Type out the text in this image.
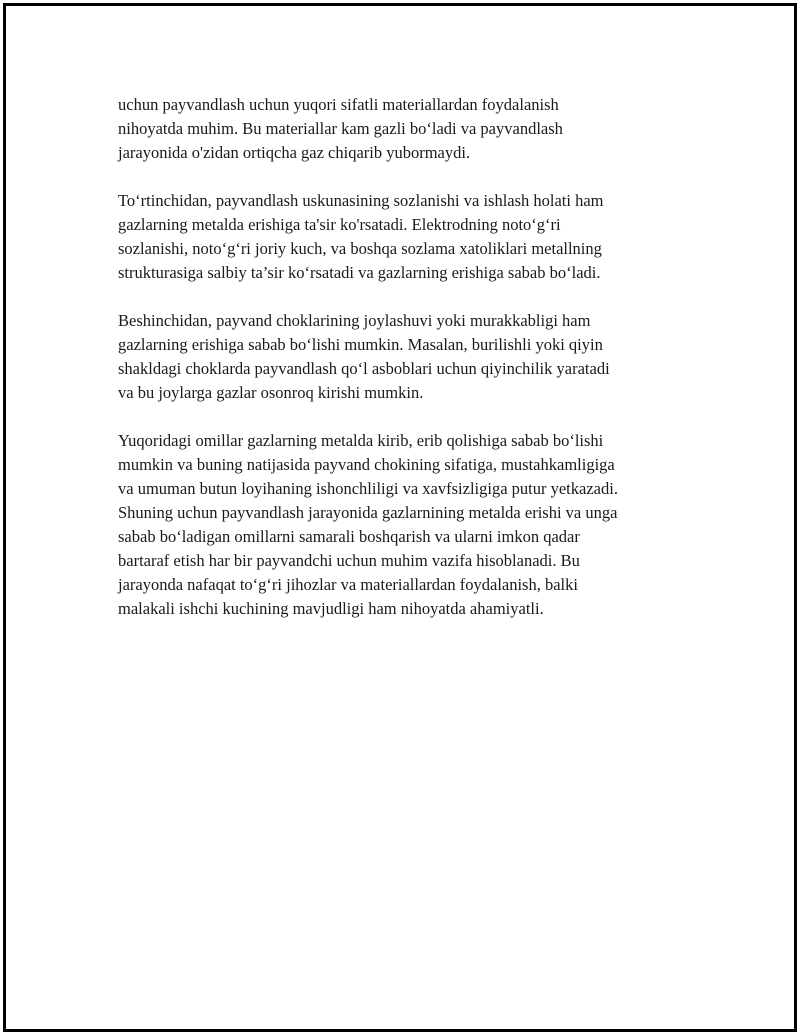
uchun payvandlash uchun yuqori sifatli materiallardan foydalanish
nihoyatda muhim. Bu materiallar kam gazli bo‘ladi va payvandlash
jarayonida o'zidan ortiqcha gaz chiqarib yubormaydi.

To‘rtinchidan, payvandlash uskunasining sozlanishi va ishlash holati ham
gazlarning metalda erishiga ta'sir ko'rsatadi. Elektrodning noto‘g‘ri
sozlanishi, noto‘g‘ri joriy kuch, va boshqa sozlama xatoliklari metallning
strukturasiga salbiy ta’sir ko‘rsatadi va gazlarning erishiga sabab bo‘ladi.

Beshinchidan, payvand choklarining joylashuvi yoki murakkabligi ham
gazlarning erishiga sabab bo‘lishi mumkin. Masalan, burilishli yoki qiyin
shakldagi choklarda payvandlash qo‘l asboblari uchun qiyinchilik yaratadi
va bu joylarga gazlar osonroq kirishi mumkin.

Yuqoridagi omillar gazlarning metalda kirib, erib qolishiga sabab bo‘lishi
mumkin va buning natijasida payvand chokining sifatiga, mustahkamligiga
va umuman butun loyihaning ishonchliligi va xavfsizligiga putur yetkazadi.
Shuning uchun payvandlash jarayonida gazlarnining metalda erishi va unga
sabab bo‘ladigan omillarni samarali boshqarish va ularni imkon qadar
bartaraf etish har bir payvandchi uchun muhim vazifa hisoblanadi. Bu
jarayonda nafaqat to‘g‘ri jihozlar va materiallardan foydalanish, balki
malakali ishchi kuchining mavjudligi ham nihoyatda ahamiyatli.
